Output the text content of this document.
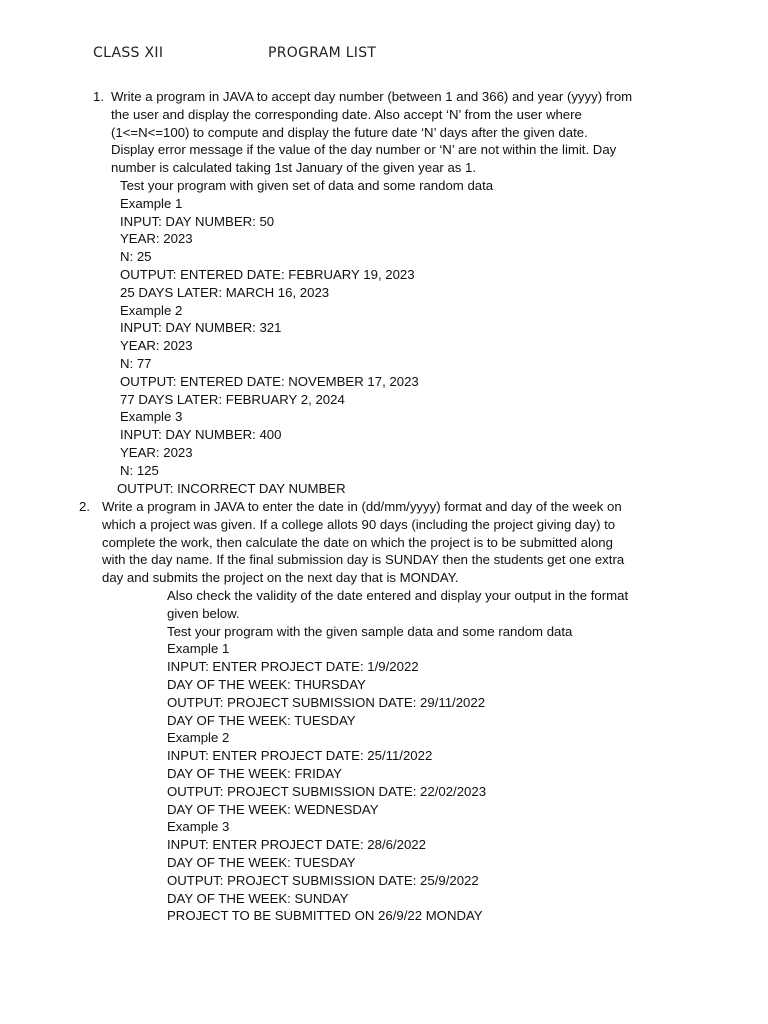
CLASS XII	PROGRAM LIST
1. Write a program in JAVA to accept day number (between 1 and 366) and year (yyyy) from
the user and display the corresponding date. Also accept ‘N’ from the user where
(1<=N<=100) to compute and display the future date ‘N’ days after the given date.
Display error message if the value of the day number or ‘N’ are not within the limit. Day
number is calculated taking 1st January of the given year as 1.
Test your program with given set of data and some random data
Example 1
INPUT: DAY NUMBER: 50
YEAR: 2023
N: 25
OUTPUT: ENTERED DATE: FEBRUARY 19, 2023
25 DAYS LATER: MARCH 16, 2023
Example 2
INPUT: DAY NUMBER: 321
YEAR: 2023
N: 77
OUTPUT: ENTERED DATE: NOVEMBER 17, 2023
77 DAYS LATER: FEBRUARY 2, 2024
Example 3
INPUT: DAY NUMBER: 400
YEAR: 2023
N: 125
OUTPUT: INCORRECT DAY NUMBER
2. Write a program in JAVA to enter the date in (dd/mm/yyyy) format and day of the week on
which a project was given. If a college allots 90 days (including the project giving day) to
complete the work, then calculate the date on which the project is to be submitted along
with the day name. If the final submission day is SUNDAY then the students get one extra
day and submits the project on the next day that is MONDAY.
Also check the validity of the date entered and display your output in the format
given below.
Test your program with the given sample data and some random data
Example 1
INPUT: ENTER PROJECT DATE: 1/9/2022
DAY OF THE WEEK: THURSDAY
OUTPUT: PROJECT SUBMISSION DATE: 29/11/2022
DAY OF THE WEEK: TUESDAY
Example 2
INPUT: ENTER PROJECT DATE: 25/11/2022
DAY OF THE WEEK: FRIDAY
OUTPUT: PROJECT SUBMISSION DATE: 22/02/2023
DAY OF THE WEEK: WEDNESDAY
Example 3
INPUT: ENTER PROJECT DATE: 28/6/2022
DAY OF THE WEEK: TUESDAY
OUTPUT: PROJECT SUBMISSION DATE: 25/9/2022
DAY OF THE WEEK: SUNDAY
PROJECT TO BE SUBMITTED ON 26/9/22 MONDAY
